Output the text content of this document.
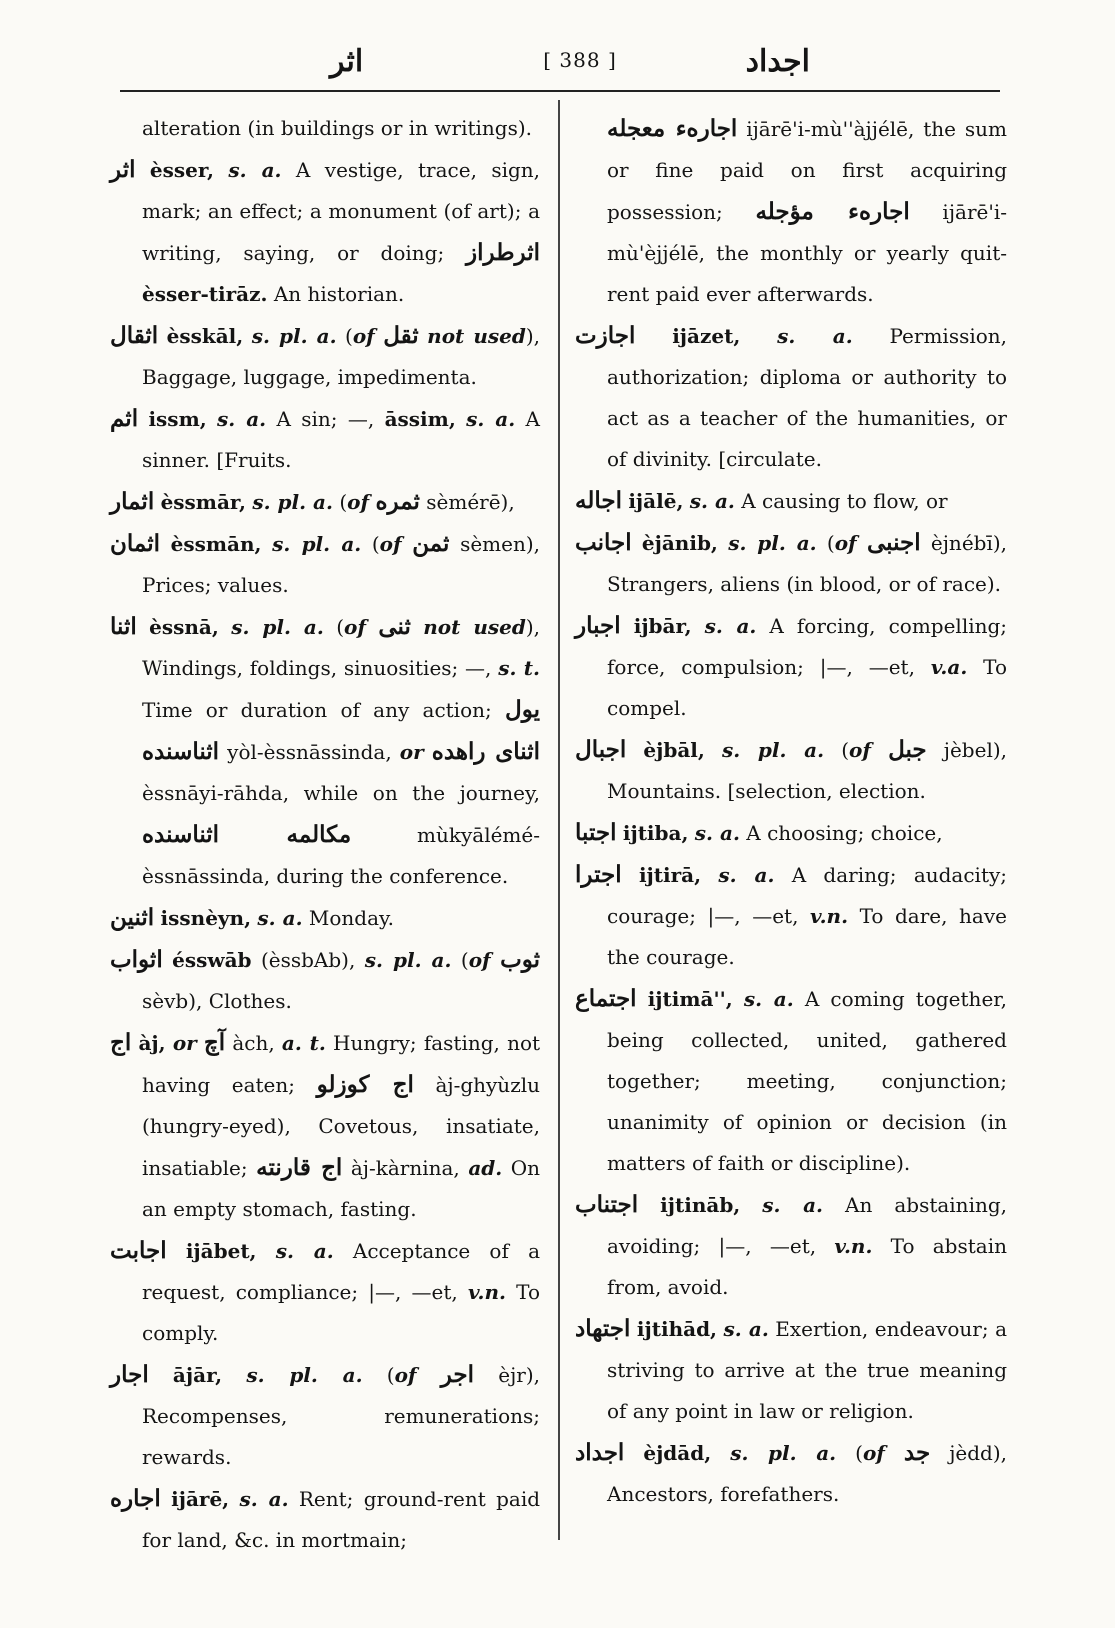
اثر	[ 388 ]	اجداد

alteration (in buildings or in writings).

اثر èsser, s. a. A vestige, trace, sign, mark; an effect; a monument (of art); a writing, saying, or doing; اثرطراز èsser-tirāz. An historian.

اثقال èsskāl, s. pl. a. (of ثقل not used), Baggage, luggage, impedimenta.

اثم issm, s. a. A sin; —, āssim, s. a. A sinner. [Fruits.

اثمار èssmār, s. pl. a. (of ثمره sèmérē),

اثمان èssmān, s. pl. a. (of ثمن sèmen), Prices; values.

اثنا èssnā, s. pl. a. (of ثنى not used), Windings, foldings, sinuosities; —, s. t. Time or duration of any action; يول اثناسنده yòl-èssnāssinda, or اثناى راهده èssnāyi-rāhda, while on the journey, مكالمه اثناسنده mùkyālémé-èssnāssinda, during the conference.

اثنين issnèyn, s. a. Monday.

اثواب ésswāb (èssbAb), s. pl. a. (of ثوب sèvb), Clothes.

اج àj, or آچ àch, a. t. Hungry; fasting, not having eaten; اج كوزلو àj-ghyùzlu (hungry-eyed), Covetous, insatiate, insatiable; اج قارنته àj-kàrnina, ad. On an empty stomach, fasting.

اجابت ijābet, s. a. Acceptance of a request, compliance; |—, —et, v.n. To comply.

اجار ājār, s. pl. a. (of اجر èjr), Recompenses, remunerations; rewards.

اجاره ijārē, s. a. Rent; ground-rent paid for land, &c. in mortmain;

اجارهء معجله ijārē'i-mù''àjjélē, the sum or fine paid on first acquiring possession; اجارهء مؤجله ijārē'i-mù'èjjélē, the monthly or yearly quit-rent paid ever afterwards.

اجازت ijāzet, s. a. Permission, authorization; diploma or authority to act as a teacher of the humanities, or of divinity. [circulate.

اجاله ijālē, s. a. A causing to flow, or

اجانب èjānib, s. pl. a. (of اجنبى èjnébī), Strangers, aliens (in blood, or of race).

اجبار ijbār, s. a. A forcing, compelling; force, compulsion; |—, —et, v.a. To compel.

اجبال èjbāl, s. pl. a. (of جبل jèbel), Mountains. [selection, election.

اجتبا ijtiba, s. a. A choosing; choice,

اجترا ijtirā, s. a. A daring; audacity; courage; |—, —et, v.n. To dare, have the courage.

اجتماع ijtimā'', s. a. A coming together, being collected, united, gathered together; meeting, conjunction; unanimity of opinion or decision (in matters of faith or discipline).

اجتناب ijtināb, s. a. An abstaining, avoiding; |—, —et, v.n. To abstain from, avoid.

اجتهاد ijtihād, s. a. Exertion, endeavour; a striving to arrive at the true meaning of any point in law or religion.

اجداد èjdād, s. pl. a. (of جد jèdd), Ancestors, forefathers.
